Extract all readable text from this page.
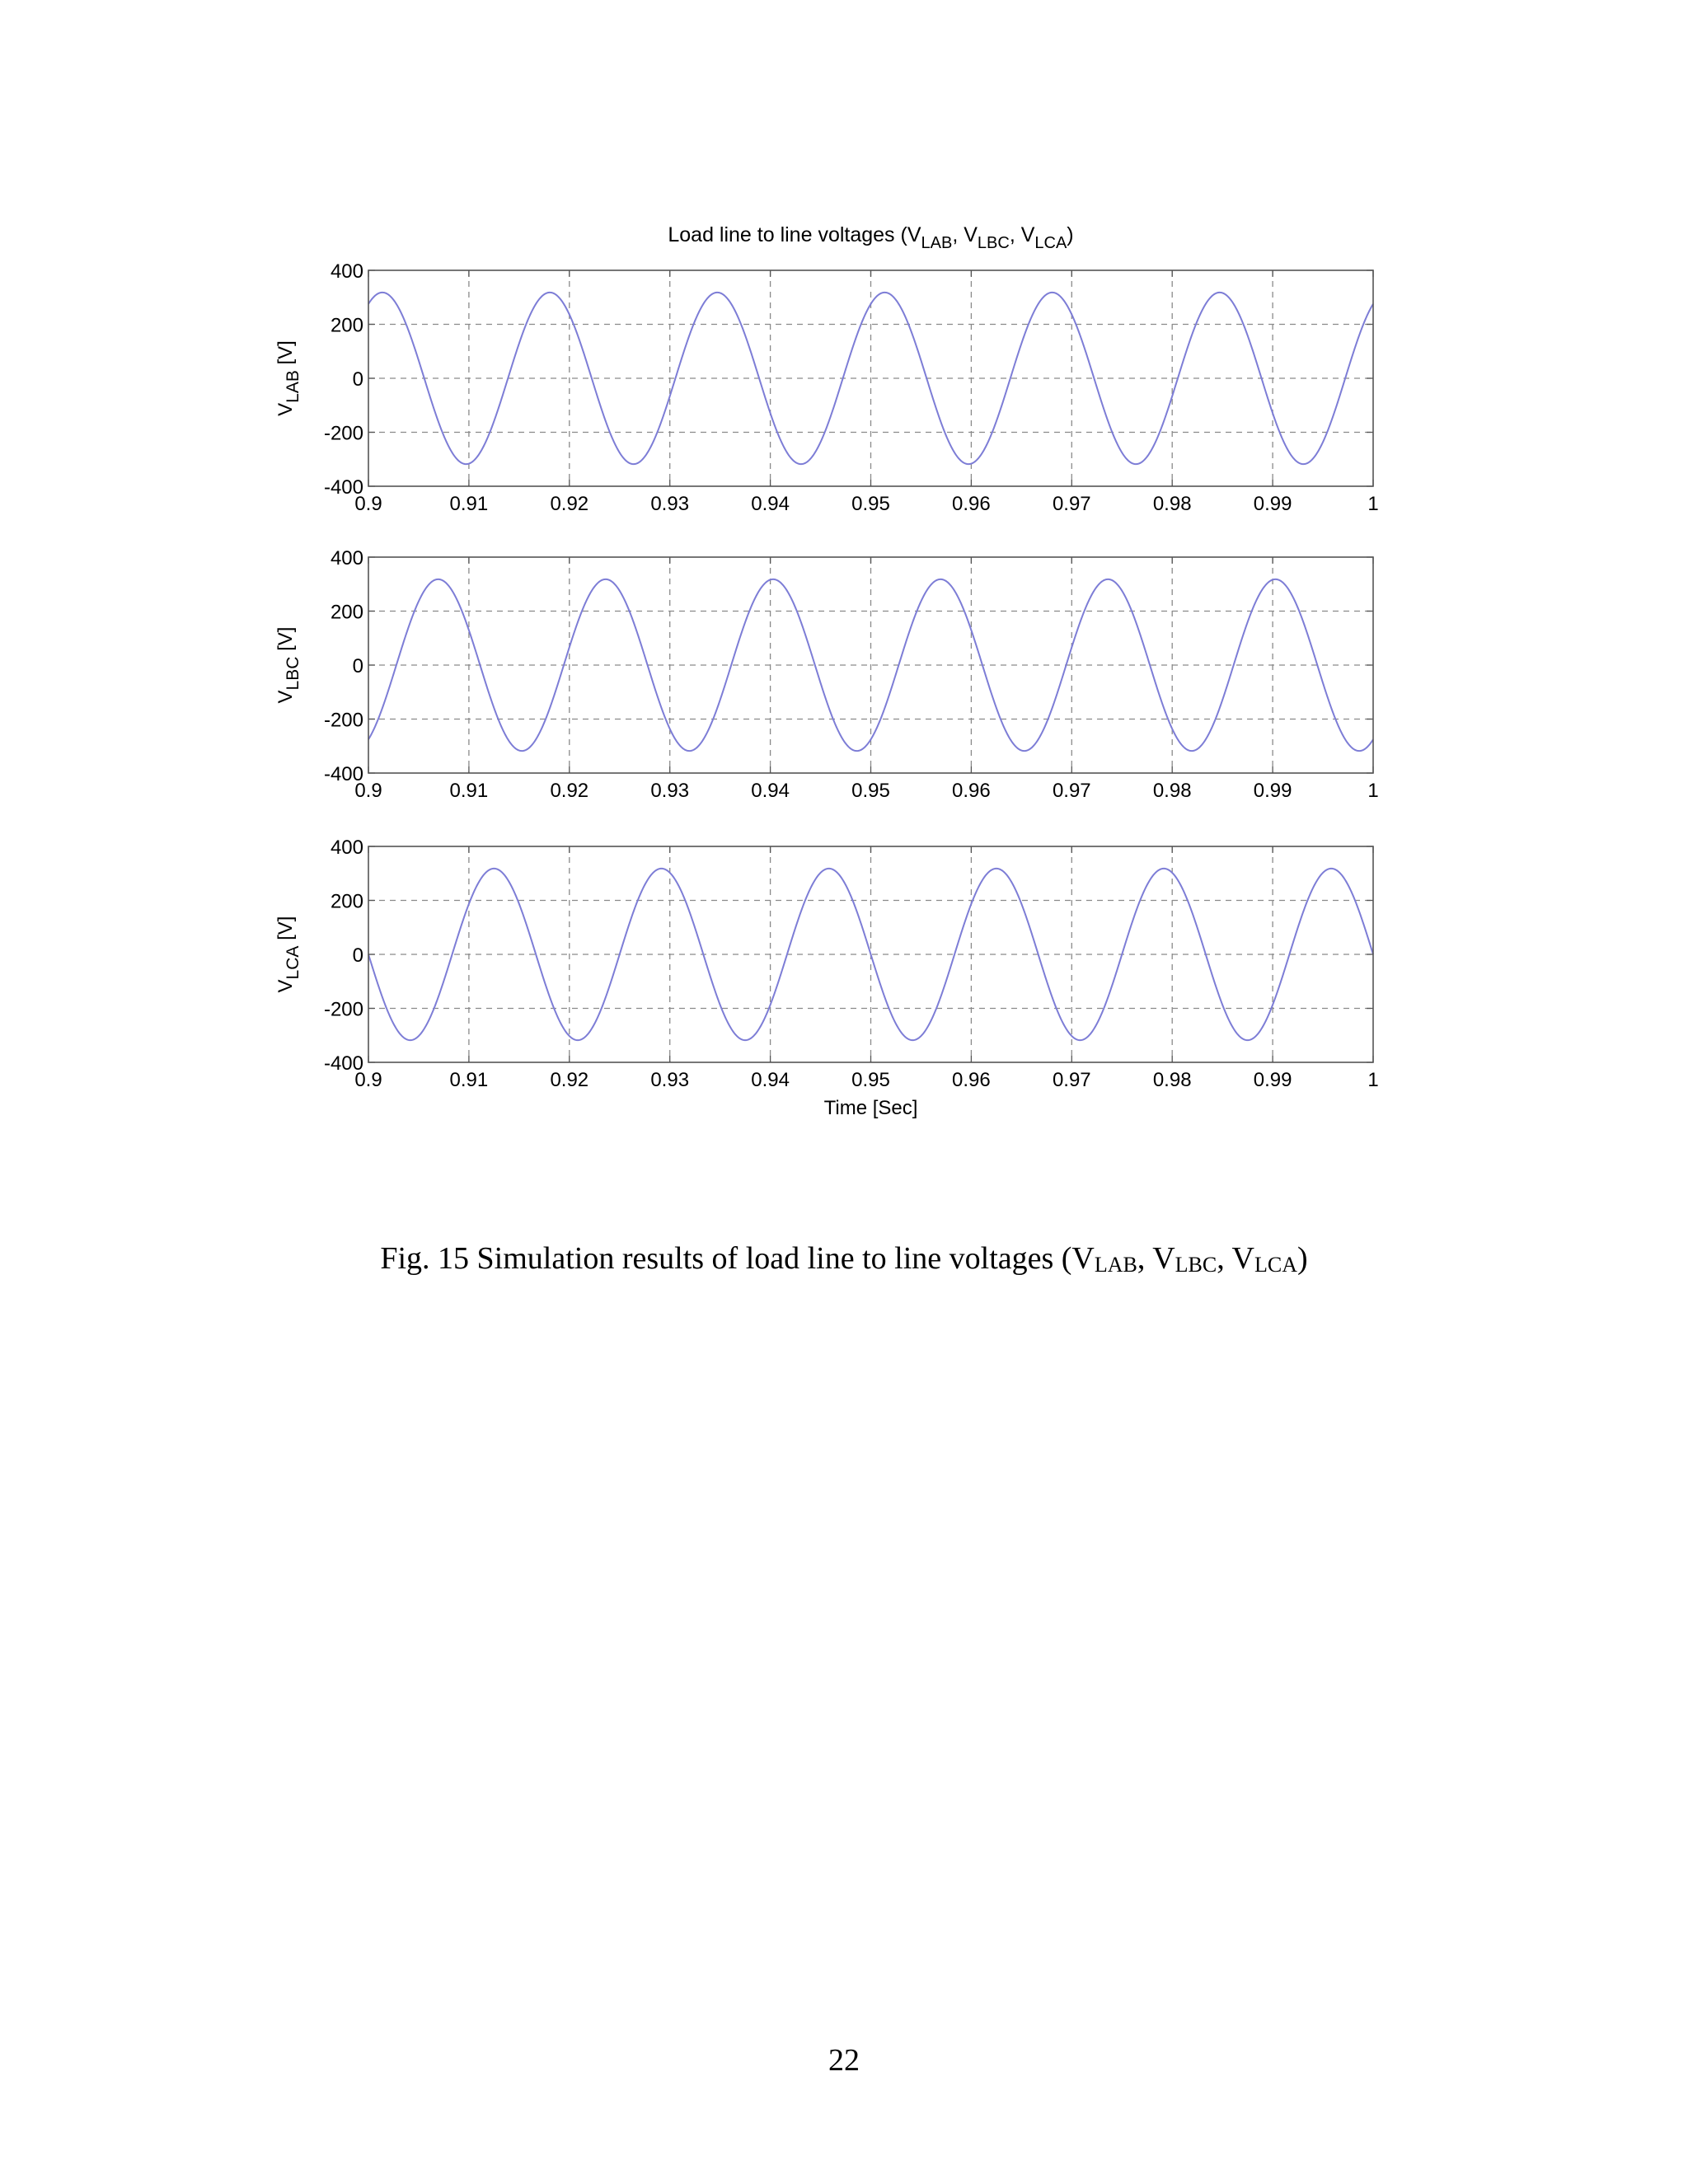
Load line to line voltages ($V_{LAB}$, $V_{LBC}$, $V_{LCA}$)
0.9	0.91	0.92	0.93	0.94	0.95	0.96	0.97	0.98	0.99	1
400
200
0
-200
-400
VLAB [V]
0.9	0.91	0.92	0.93	0.94	0.95	0.96	0.97	0.98	0.99	1
400
200
0
-200
-400
VLBC [V]
0.9	0.91	0.92	0.93	0.94	0.95	0.96	0.97	0.98	0.99	1
400
200
0
-200
-400
VLCA [V]
Time [Sec]
Fig. 15 Simulation results of load line to line voltages ($V_{LAB}$, $V_{LBC}$, $V_{LCA}$)
22
